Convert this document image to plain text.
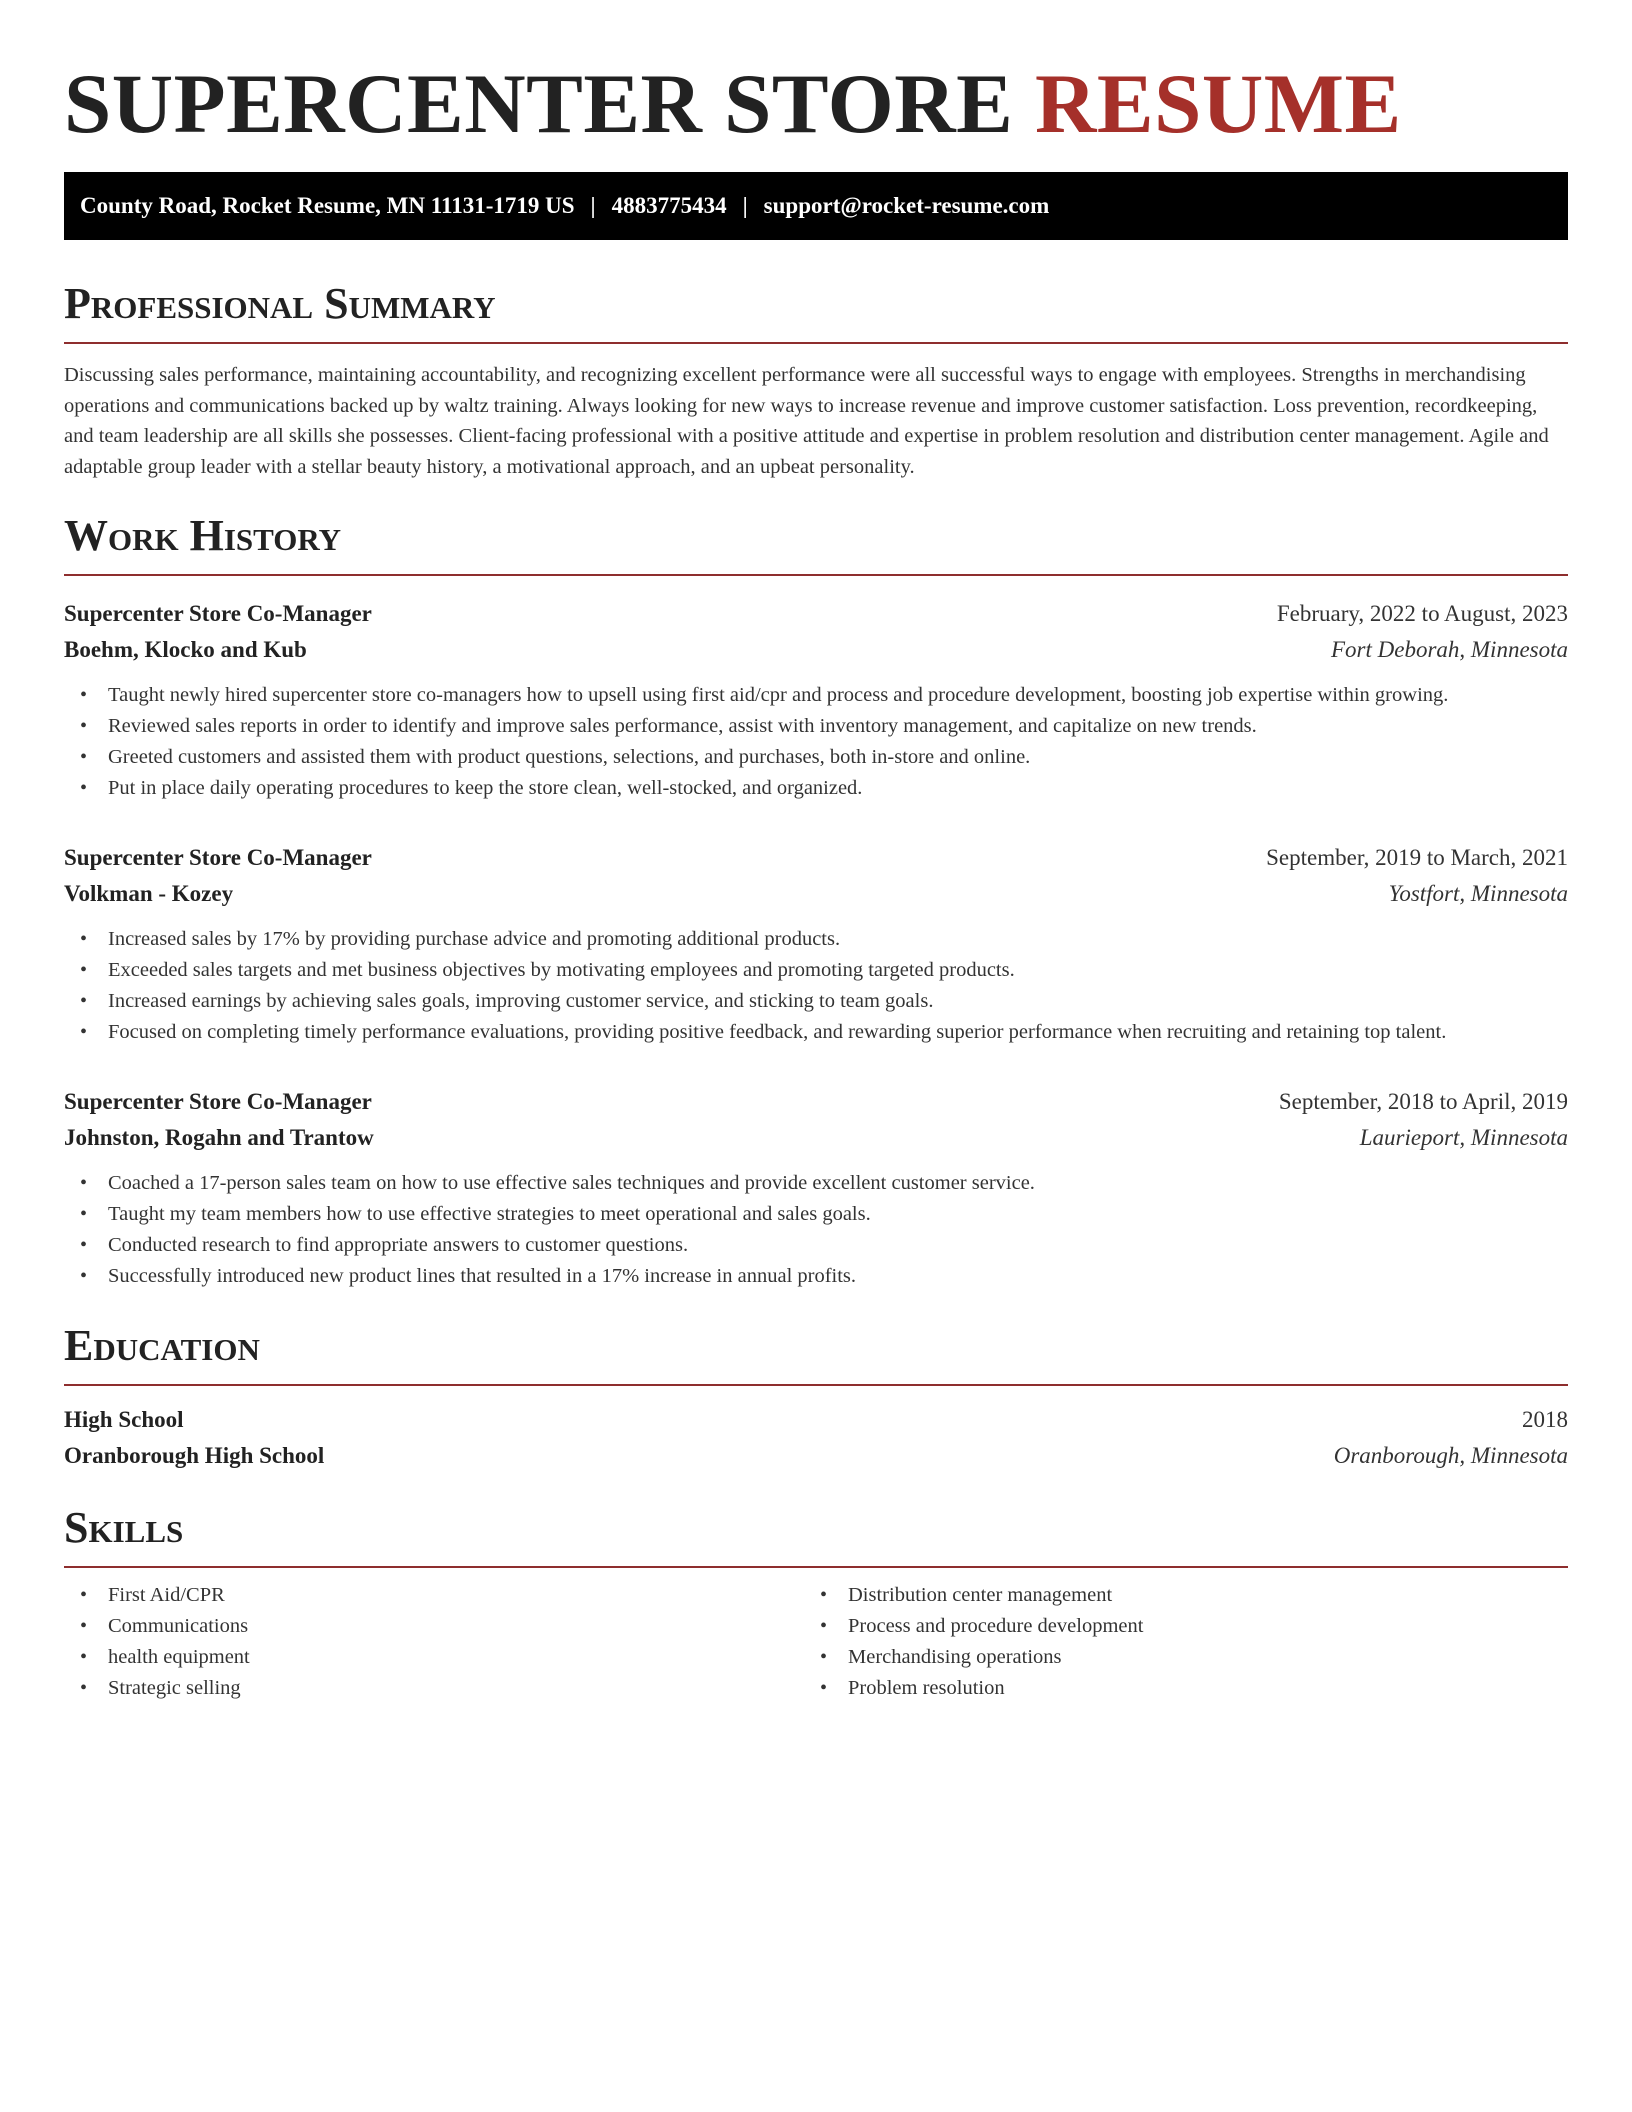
SUPERCENTER STORE RESUME
County Road, Rocket Resume, MN 11131-1719 US | 4883775434 | support@rocket-resume.com
Professional Summary

Discussing sales performance, maintaining accountability, and recognizing excellent performance were all successful ways to engage with employees. Strengths in merchandising operations and communications backed up by waltz training. Always looking for new ways to increase revenue and improve customer satisfaction. Loss prevention, recordkeeping, and team leadership are all skills she possesses. Client-facing professional with a positive attitude and expertise in problem resolution and distribution center management. Agile and adaptable group leader with a stellar beauty history, a motivational approach, and an upbeat personality.

Work History
Supercenter Store Co-Manager	February, 2022 to August, 2023
Boehm, Klocko and Kub	Fort Deborah, Minnesota
• Taught newly hired supercenter store co-managers how to upsell using first aid/cpr and process and procedure development, boosting job expertise within growing.
• Reviewed sales reports in order to identify and improve sales performance, assist with inventory management, and capitalize on new trends.
• Greeted customers and assisted them with product questions, selections, and purchases, both in-store and online.
• Put in place daily operating procedures to keep the store clean, well-stocked, and organized.
Supercenter Store Co-Manager	September, 2019 to March, 2021
Volkman - Kozey	Yostfort, Minnesota
• Increased sales by 17% by providing purchase advice and promoting additional products.
• Exceeded sales targets and met business objectives by motivating employees and promoting targeted products.
• Increased earnings by achieving sales goals, improving customer service, and sticking to team goals.
• Focused on completing timely performance evaluations, providing positive feedback, and rewarding superior performance when recruiting and retaining top talent.
Supercenter Store Co-Manager	September, 2018 to April, 2019
Johnston, Rogahn and Trantow	Laurieport, Minnesota
• Coached a 17-person sales team on how to use effective sales techniques and provide excellent customer service.
• Taught my team members how to use effective strategies to meet operational and sales goals.
• Conducted research to find appropriate answers to customer questions.
• Successfully introduced new product lines that resulted in a 17% increase in annual profits.
Education
High School	2018
Oranborough High School	Oranborough, Minnesota
Skills
• First Aid/CPR
• Communications
• health equipment
• Strategic selling
• Distribution center management
• Process and procedure development
• Merchandising operations
• Problem resolution
